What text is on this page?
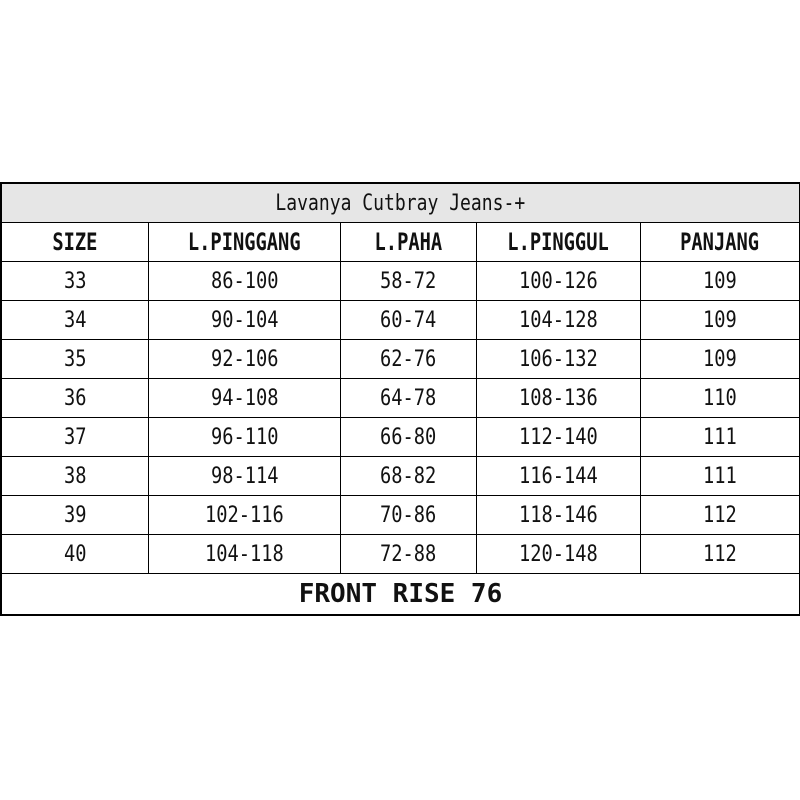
Lavanya Cutbray Jeans-+				
SIZE	L.PINGGANG	L.PAHA	L.PINGGUL	PANJANG
33	86-100	58-72	100-126	109
34	90-104	60-74	104-128	109
35	92-106	62-76	106-132	109
36	94-108	64-78	108-136	110
37	96-110	66-80	112-140	111
38	98-114	68-82	116-144	111
39	102-116	70-86	118-146	112
40	104-118	72-88	120-148	112
FRONT RISE 76				
